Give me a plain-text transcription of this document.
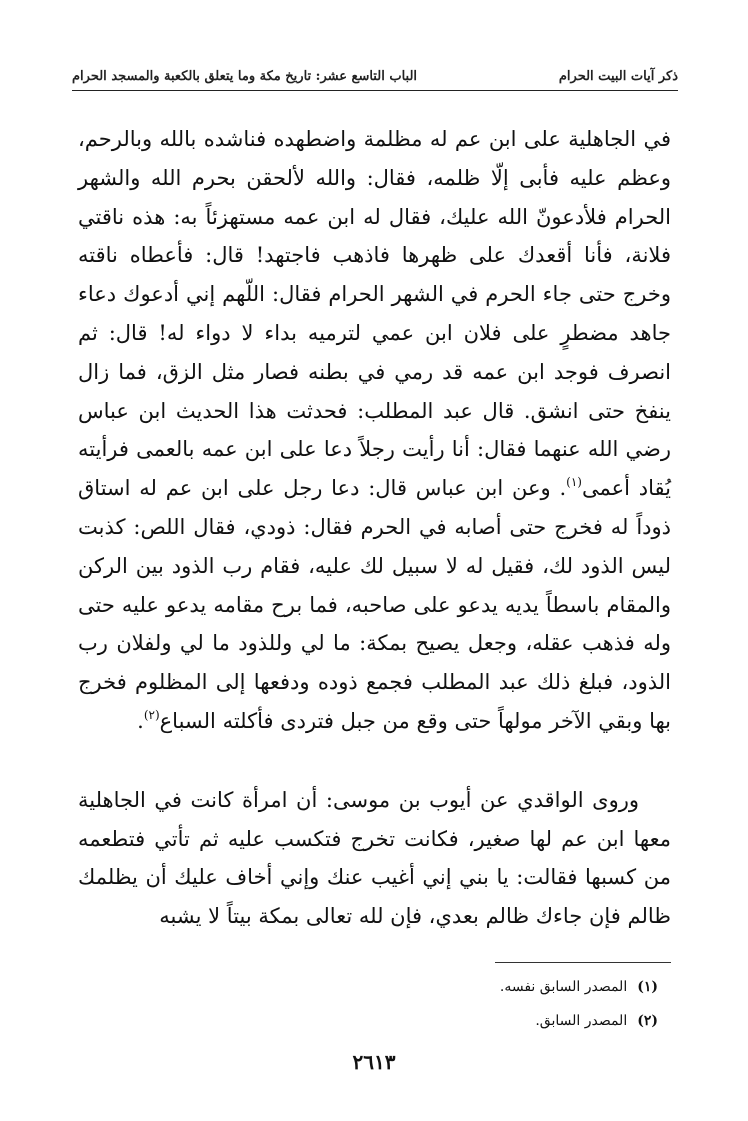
ذكر آيات البيت الحرام
الباب التاسع عشر: تاريخ مكة وما يتعلق بالكعبة والمسجد الحرام

في الجاهلية على ابن عم له مظلمة واضطهده فناشده بالله وبالرحم، وعظم عليه فأبى إلّا ظلمه، فقال: والله لألحقن بحرم الله والشهر الحرام فلأدعونّ الله عليك، فقال له ابن عمه مستهزئاً به: هذه ناقتي فلانة، فأنا أقعدك على ظهرها فاذهب فاجتهد! قال: فأعطاه ناقته وخرج حتى جاء الحرم في الشهر الحرام فقال: اللّهم إني أدعوك دعاء جاهد مضطرٍ على فلان ابن عمي لترميه بداء لا دواء له! قال: ثم انصرف فوجد ابن عمه قد رمي في بطنه فصار مثل الزق، فما زال ينفخ حتى انشق. قال عبد المطلب: فحدثت هذا الحديث ابن عباس رضي الله عنهما فقال: أنا رأيت رجلاً دعا على ابن عمه بالعمى فرأيته يُقاد أعمى$^{(١)}$. وعن ابن عباس قال: دعا رجل على ابن عم له استاق ذوداً له فخرج حتى أصابه في الحرم فقال: ذودي، فقال اللص: كذبت ليس الذود لك، فقيل له لا سبيل لك عليه، فقام رب الذود بين الركن والمقام باسطاً يديه يدعو على صاحبه، فما برح مقامه يدعو عليه حتى وله فذهب عقله، وجعل يصيح بمكة: ما لي وللذود ما لي ولفلان رب الذود، فبلغ ذلك عبد المطلب فجمع ذوده ودفعها إلى المظلوم فخرج بها وبقي الآخر مولهاً حتى وقع من جبل فتردى فأكلته السباع$^{(٢)}$.

وروى الواقدي عن أيوب بن موسى: أن امرأة كانت في الجاهلية معها ابن عم لها صغير، فكانت تخرج فتكسب عليه ثم تأتي فتطعمه من كسبها فقالت: يا بني إني أغيب عنك وإني أخاف عليك أن يظلمك ظالم فإن جاءك ظالم بعدي، فإن لله تعالى بمكة بيتاً لا يشبه

(١)
المصدر السابق نفسه.
(٢)
المصدر السابق.
٢٦١٣
